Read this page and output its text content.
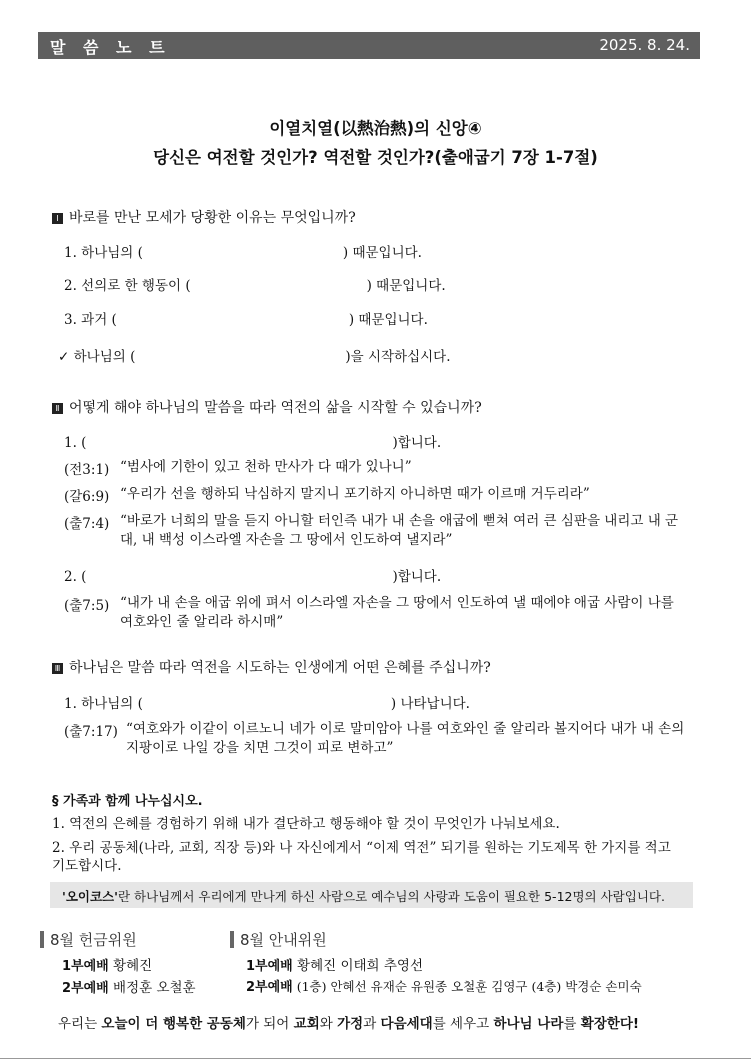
말 씀 노 트	2025. 8. 24.
이열치열(以熱治熱)의 신앙④
당신은 여전할 것인가? 역전할 것인가?(출애굽기 7장 1-7절)
Ⅰ 바로를 만난 모세가 당황한 이유는 무엇입니까?
1. 하나님의 (	) 때문입니다.
2. 선의로 한 행동이 (	) 때문입니다.
3. 과거 (	) 때문입니다.
✓ 하나님의 (	)을 시작하십시다.
Ⅱ 어떻게 해야 하나님의 말씀을 따라 역전의 삶을 시작할 수 있습니까?
1. (	)합니다.
(전3:1) “범사에 기한이 있고 천하 만사가 다 때가 있나니”
(갈6:9) “우리가 선을 행하되 낙심하지 말지니 포기하지 아니하면 때가 이르매 거두리라”
(출7:4) “바로가 너희의 말을 듣지 아니할 터인즉 내가 내 손을 애굽에 뻗쳐 여러 큰 심판을 내리고 내 군대, 내 백성 이스라엘 자손을 그 땅에서 인도하여 낼지라”
2. (	)합니다.
(출7:5) “내가 내 손을 애굽 위에 펴서 이스라엘 자손을 그 땅에서 인도하여 낼 때에야 애굽 사람이 나를 여호와인 줄 알리라 하시매”
Ⅲ 하나님은 말씀 따라 역전을 시도하는 인생에게 어떤 은혜를 주십니까?
1. 하나님의 (	) 나타납니다.
(출7:17) “여호와가 이같이 이르노니 네가 이로 말미암아 나를 여호와인 줄 알리라 볼지어다 내가 내 손의 지팡이로 나일 강을 치면 그것이 피로 변하고”
§ 가족과 함께 나누십시오.
1. 역전의 은혜를 경험하기 위해 내가 결단하고 행동해야 할 것이 무엇인가 나눠보세요.
2. 우리 공동체(나라, 교회, 직장 등)와 나 자신에게서 “이제 역전” 되기를 원하는 기도제목 한 가지를 적고 기도합시다.
'오이코스'란 하나님께서 우리에게 만나게 하신 사람으로 예수님의 사랑과 도움이 필요한 5-12명의 사람입니다.
8월 헌금위원
1부예배 황혜진
2부예배 배정훈 오철훈
8월 안내위원
1부예배 황혜진 이태희 추영선
2부예배 (1층) 안혜선 유재순 유원종 오철훈 김영구 (4층) 박경순 손미숙
우리는 오늘이 더 행복한 공동체가 되어 교회와 가정과 다음세대를 세우고 하나님 나라를 확장한다!
